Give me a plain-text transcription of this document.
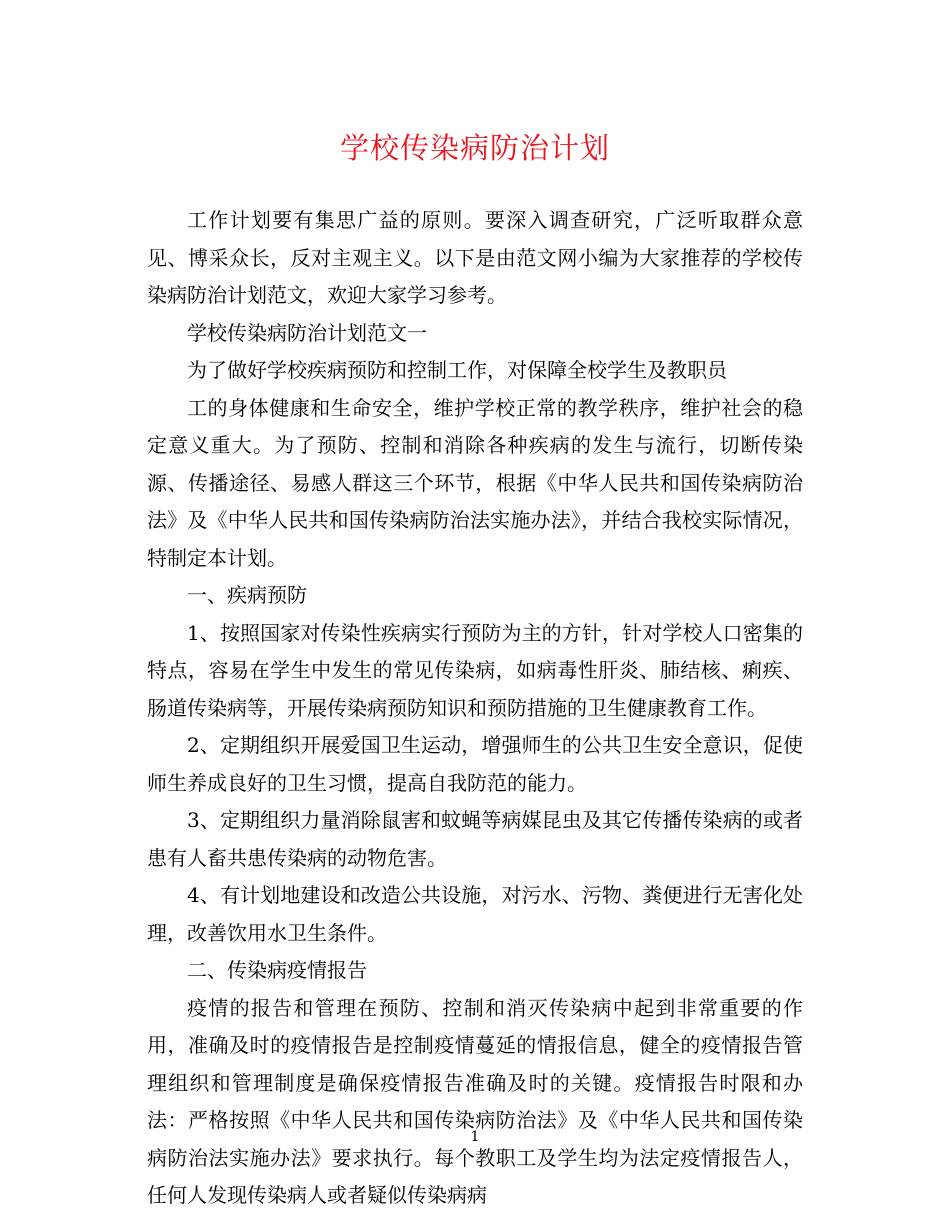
学校传染病防治计划

工作计划要有集思广益的原则。要深入调查研究，广泛听取群众意见、博采众长，反对主观主义。以下是由范文网小编为大家推荐的学校传染病防治计划范文，欢迎大家学习参考。

学校传染病防治计划范文一

为了做好学校疾病预防和控制工作，对保障全校学生及教职员

工的身体健康和生命安全，维护学校正常的教学秩序，维护社会的稳定意义重大。为了预防、控制和消除各种疾病的发生与流行，切断传染源、传播途径、易感人群这三个环节，根据《中华人民共和国传染病防治法》及《中华人民共和国传染病防治法实施办法》，并结合我校实际情况，特制定本计划。

一、疾病预防

1、按照国家对传染性疾病实行预防为主的方针，针对学校人口密集的特点，容易在学生中发生的常见传染病，如病毒性肝炎、肺结核、痢疾、肠道传染病等，开展传染病预防知识和预防措施的卫生健康教育工作。

2、定期组织开展爱国卫生运动，增强师生的公共卫生安全意识，促使师生养成良好的卫生习惯，提高自我防范的能力。

3、定期组织力量消除鼠害和蚊蝇等病媒昆虫及其它传播传染病的或者患有人畜共患传染病的动物危害。

4、有计划地建设和改造公共设施，对污水、污物、粪便进行无害化处理，改善饮用水卫生条件。

二、传染病疫情报告

疫情的报告和管理在预防、控制和消灭传染病中起到非常重要的作用，准确及时的疫情报告是控制疫情蔓延的情报信息，健全的疫情报告管理组织和管理制度是确保疫情报告准确及时的关键。疫情报告时限和办法：严格按照《中华人民共和国传染病防治法》及《中华人民共和国传染病防治法实施办法》要求执行。每个教职工及学生均为法定疫情报告人，任何人发现传染病人或者疑似传染病病

1
